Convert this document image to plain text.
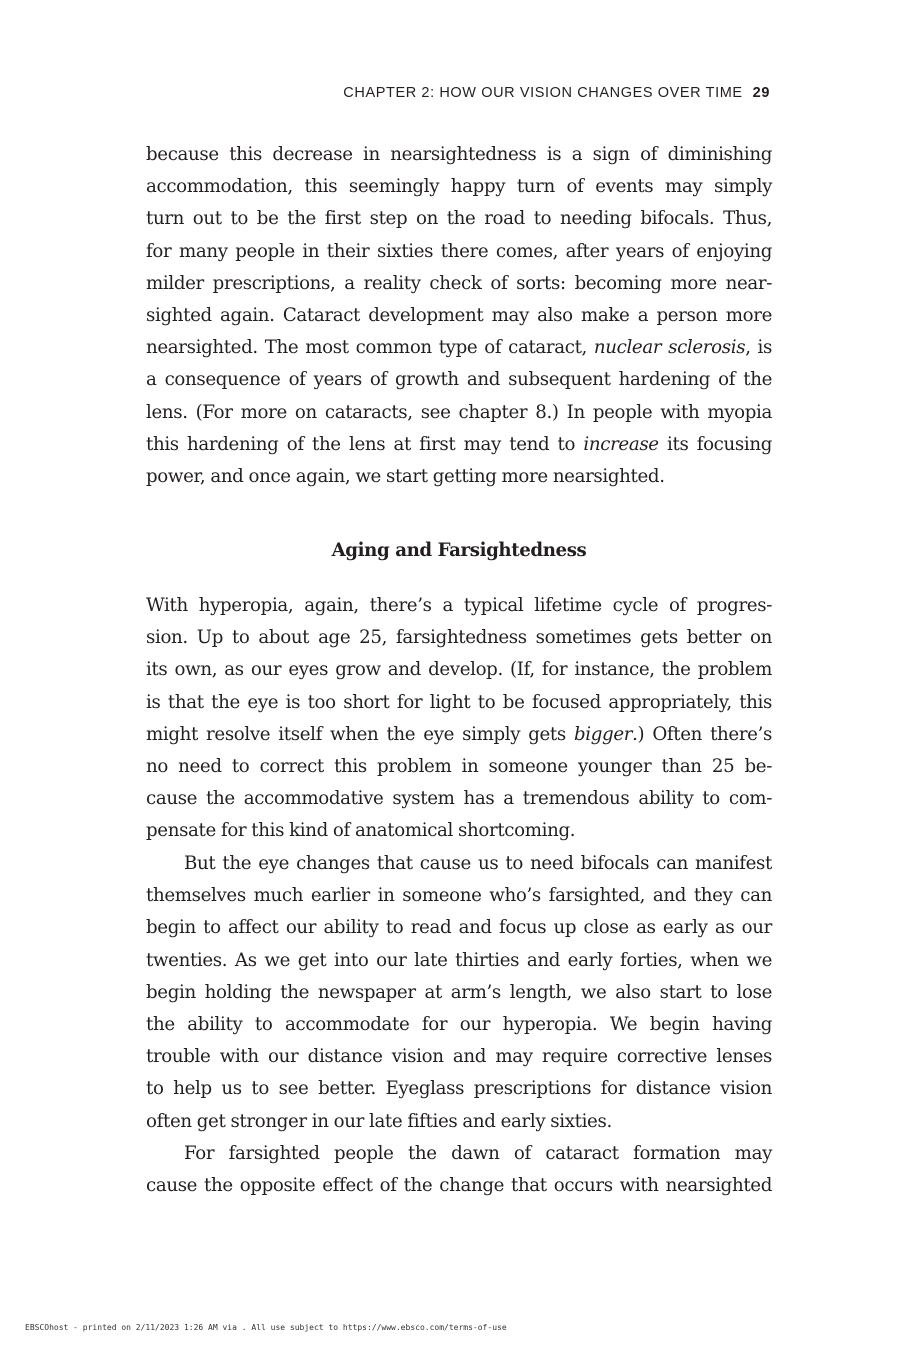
CHAPTER 2: HOW OUR VISION CHANGES OVER TIME 29
because this decrease in nearsightedness is a sign of diminishing
accommodation, this seemingly happy turn of events may simply
turn out to be the first step on the road to needing bifocals. Thus,
for many people in their sixties there comes, after years of enjoying
milder prescriptions, a reality check of sorts: becoming more near-
sighted again. Cataract development may also make a person more
nearsighted. The most common type of cataract, nuclear sclerosis, is
a consequence of years of growth and subsequent hardening of the
lens. (For more on cataracts, see chapter 8.) In people with myopia
this hardening of the lens at first may tend to increase its focusing
power, and once again, we start getting more nearsighted.
Aging and Farsightedness
With hyperopia, again, there’s a typical lifetime cycle of progres-
sion. Up to about age 25, farsightedness sometimes gets better on
its own, as our eyes grow and develop. (If, for instance, the problem
is that the eye is too short for light to be focused appropriately, this
might resolve itself when the eye simply gets bigger.) Often there’s
no need to correct this problem in someone younger than 25 be-
cause the accommodative system has a tremendous ability to com-
pensate for this kind of anatomical shortcoming.
But the eye changes that cause us to need bifocals can manifest
themselves much earlier in someone who’s farsighted, and they can
begin to affect our ability to read and focus up close as early as our
twenties. As we get into our late thirties and early forties, when we
begin holding the newspaper at arm’s length, we also start to lose
the ability to accommodate for our hyperopia. We begin having
trouble with our distance vision and may require corrective lenses
to help us to see better. Eyeglass prescriptions for distance vision
often get stronger in our late fifties and early sixties.
For farsighted people the dawn of cataract formation may
cause the opposite effect of the change that occurs with nearsighted
EBSCOhost - printed on 2/11/2023 1:26 AM via . All use subject to https://www.ebsco.com/terms-of-use
